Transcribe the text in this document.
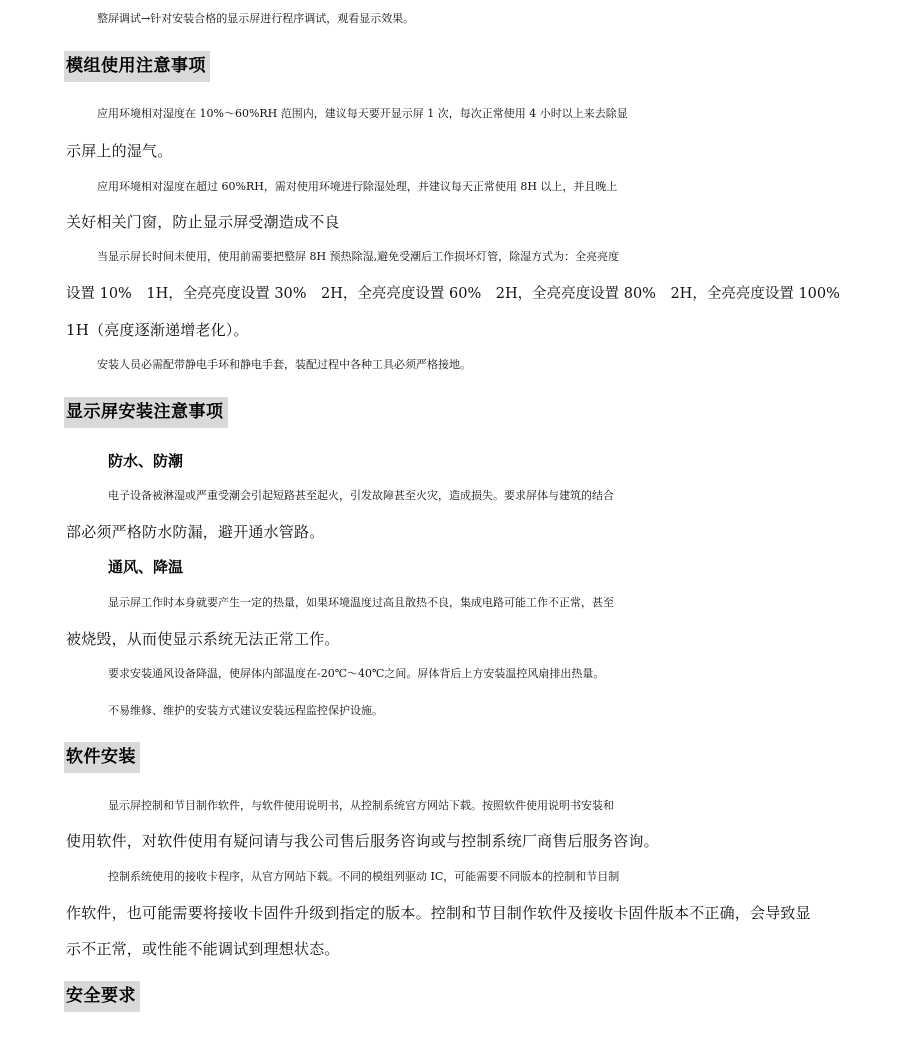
整屏调试→针对安装合格的显示屏进行程序调试，观看显示效果。
模组使用注意事项
应用环境相对湿度在 10%～60%RH 范围内，建议每天要开显示屏 1 次，每次正常使用 4 小时以上来去除显
示屏上的湿气。
应用环境相对湿度在超过 60%RH，需对使用环境进行除湿处理，并建议每天正常使用 8H 以上，并且晚上
关好相关门窗，防止显示屏受潮造成不良
当显示屏长时间未使用，使用前需要把整屏 8H 预热除湿,避免受潮后工作损坏灯管，除湿方式为：全亮亮度
设置 10%　1H，全亮亮度设置 30%　2H，全亮亮度设置 60%　2H，全亮亮度设置 80%　2H，全亮亮度设置 100%
1H（亮度逐渐递增老化）。
安装人员必需配带静电手环和静电手套，装配过程中各种工具必须严格接地。
显示屏安装注意事项
防水、防潮
电子设备被淋湿或严重受潮会引起短路甚至起火，引发故障甚至火灾，造成损失。要求屏体与建筑的结合
部必须严格防水防漏，避开通水管路。
通风、降温
显示屏工作时本身就要产生一定的热量，如果环境温度过高且散热不良，集成电路可能工作不正常，甚至
被烧毁，从而使显示系统无法正常工作。
要求安装通风设备降温，使屏体内部温度在-20℃～40℃之间。屏体背后上方安装温控风扇排出热量。
不易维修、维护的安装方式建议安装远程监控保护设施。
软件安装
显示屏控制和节目制作软件，与软件使用说明书，从控制系统官方网站下载。按照软件使用说明书安装和
使用软件，对软件使用有疑问请与我公司售后服务咨询或与控制系统厂商售后服务咨询。
控制系统使用的接收卡程序，从官方网站下载。不同的模组列驱动 IC，可能需要不同版本的控制和节目制
作软件，也可能需要将接收卡固件升级到指定的版本。控制和节目制作软件及接收卡固件版本不正确，会导致显
示不正常，或性能不能调试到理想状态。
安全要求
